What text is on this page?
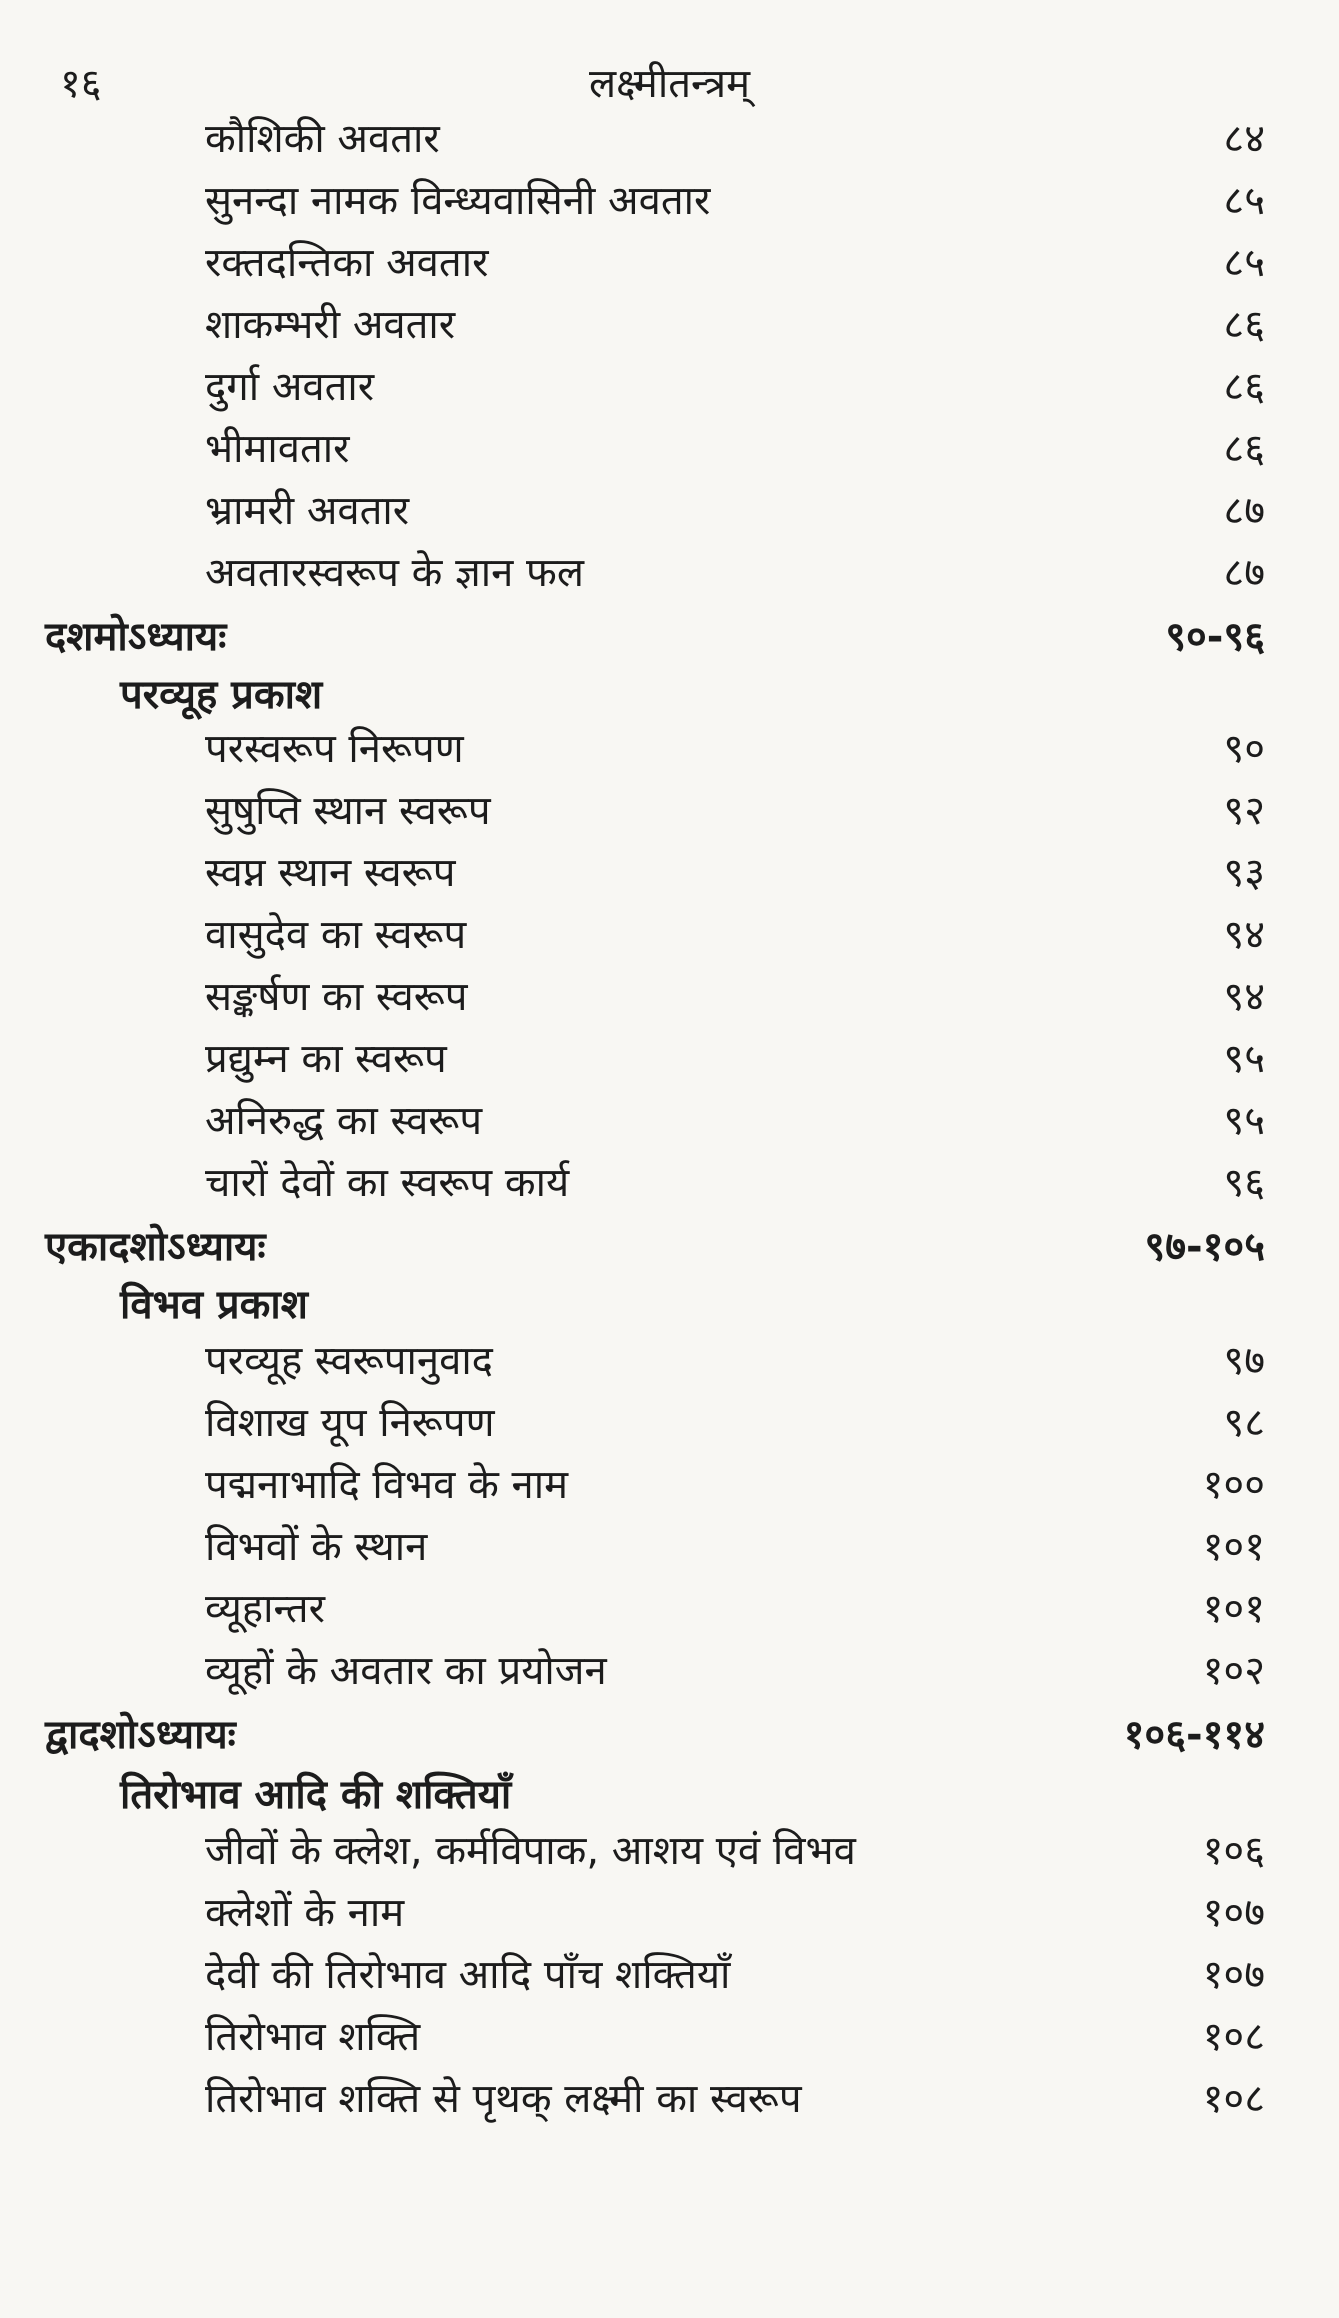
१६	लक्ष्मीतन्त्रम्
कौशिकी अवतार	८४
सुनन्दा नामक विन्ध्यवासिनी अवतार	८५
रक्तदन्तिका अवतार	८५
शाकम्भरी अवतार	८६
दुर्गा अवतार	८६
भीमावतार	८६
भ्रामरी अवतार	८७
अवतारस्वरूप के ज्ञान फल	८७
दशमोऽध्यायः	९०-९६
परव्यूह प्रकाश
परस्वरूप निरूपण	९०
सुषुप्ति स्थान स्वरूप	९२
स्वप्न स्थान स्वरूप	९३
वासुदेव का स्वरूप	९४
सङ्कर्षण का स्वरूप	९४
प्रद्युम्न का स्वरूप	९५
अनिरुद्ध का स्वरूप	९५
चारों देवों का स्वरूप कार्य	९६
एकादशोऽध्यायः	९७-१०५
विभव प्रकाश
परव्यूह स्वरूपानुवाद	९७
विशाख यूप निरूपण	९८
पद्मनाभादि विभव के नाम	१००
विभवों के स्थान	१०१
व्यूहान्तर	१०१
व्यूहों के अवतार का प्रयोजन	१०२
द्वादशोऽध्यायः	१०६-११४
तिरोभाव आदि की शक्तियाँ
जीवों के क्लेश, कर्मविपाक, आशय एवं विभव	१०६
क्लेशों के नाम	१०७
देवी की तिरोभाव आदि पाँच शक्तियाँ	१०७
तिरोभाव शक्ति	१०८
तिरोभाव शक्ति से पृथक् लक्ष्मी का स्वरूप	१०८
